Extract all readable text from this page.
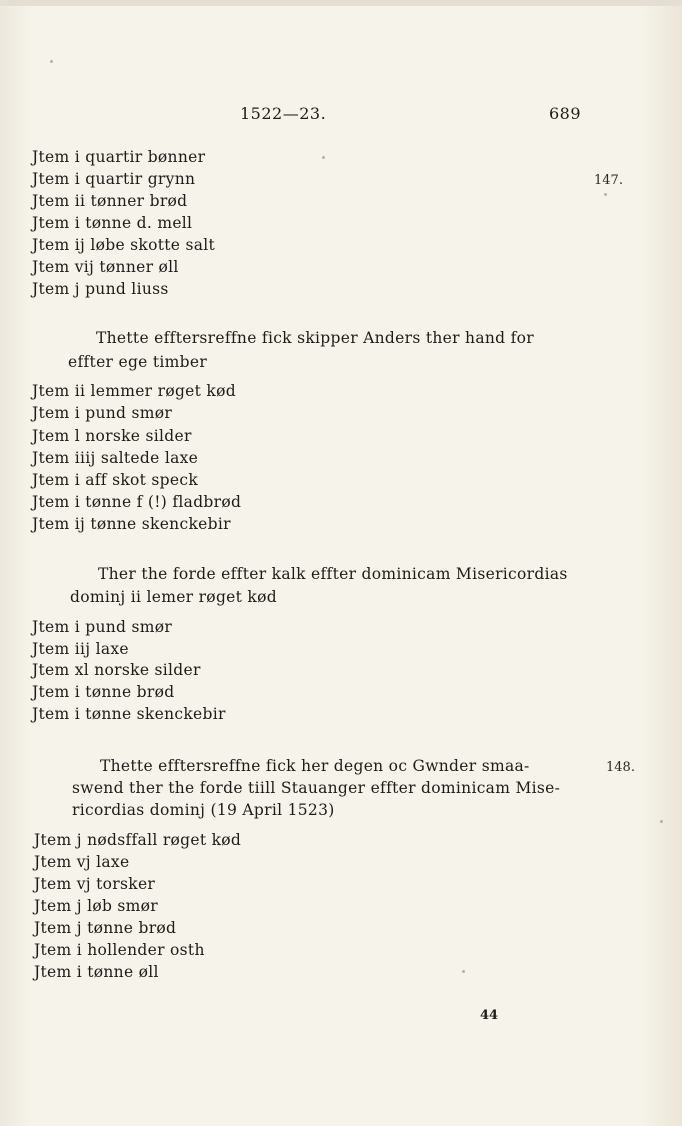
1522—23.	689
Jtem i quartir bønner
Jtem i quartir grynn
Jtem ii tønner brød
Jtem i tønne d. mell
Jtem ij løbe skotte salt
Jtem vij tønner øll
Jtem j pund liuss
147.
Thette efftersreffne fick skipper Anders ther hand for
effter ege timber
Jtem ii lemmer røget kød
Jtem i pund smør
Jtem l norske silder
Jtem iiij saltede laxe
Jtem i aff skot speck
Jtem i tønne f (!) fladbrød
Jtem ij tønne skenckebir
Ther the forde effter kalk effter dominicam Misericordias
dominj ii lemer røget kød
Jtem i pund smør
Jtem iij laxe
Jtem xl norske silder
Jtem i tønne brød
Jtem i tønne skenckebir
Thette efftersreffne fick her degen oc Gwnder smaa-
swend ther the forde tiill Stauanger effter dominicam Mise-
ricordias dominj (19 April 1523)
Jtem j nødsffall røget kød
Jtem vj laxe
Jtem vj torsker
Jtem j løb smør
Jtem j tønne brød
Jtem i hollender osth
Jtem i tønne øll
148.
44
